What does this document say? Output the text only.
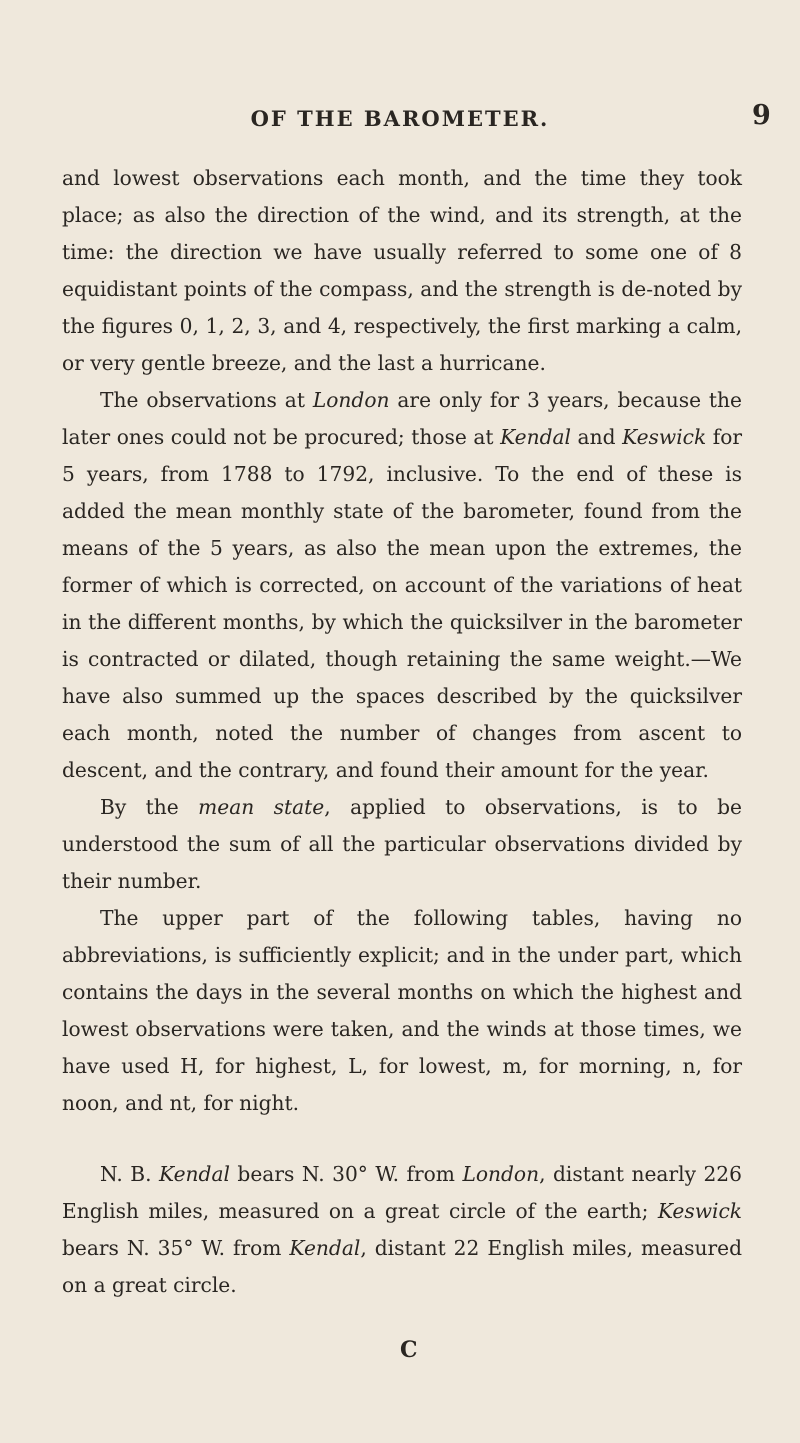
OF THE BAROMETER.	9

and lowest observations each month, and the time they took place; as also the direction of the wind, and its strength, at the time: the direction we have usually referred to some one of 8 equidistant points of the compass, and the strength is de-noted by the figures 0, 1, 2, 3, and 4, respectively, the first marking a calm, or very gentle breeze, and the last a hurricane.

The observations at London are only for 3 years, because the later ones could not be procured; those at Kendal and Keswick for 5 years, from 1788 to 1792, inclusive. To the end of these is added the mean monthly state of the barometer, found from the means of the 5 years, as also the mean upon the extremes, the former of which is corrected, on account of the variations of heat in the different months, by which the quicksilver in the barometer is contracted or dilated, though retaining the same weight.—We have also summed up the spaces described by the quicksilver each month, noted the number of changes from ascent to descent, and the contrary, and found their amount for the year.

By the mean state, applied to observations, is to be understood the sum of all the particular observations divided by their number.

The upper part of the following tables, having no abbreviations, is sufficiently explicit; and in the under part, which contains the days in the several months on which the highest and lowest observations were taken, and the winds at those times, we have used H, for highest, L, for lowest, m, for morning, n, for noon, and nt, for night.

N. B. Kendal bears N. 30° W. from London, distant nearly 226 English miles, measured on a great circle of the earth; Keswick bears N. 35° W. from Kendal, distant 22 English miles, measured on a great circle.

C
